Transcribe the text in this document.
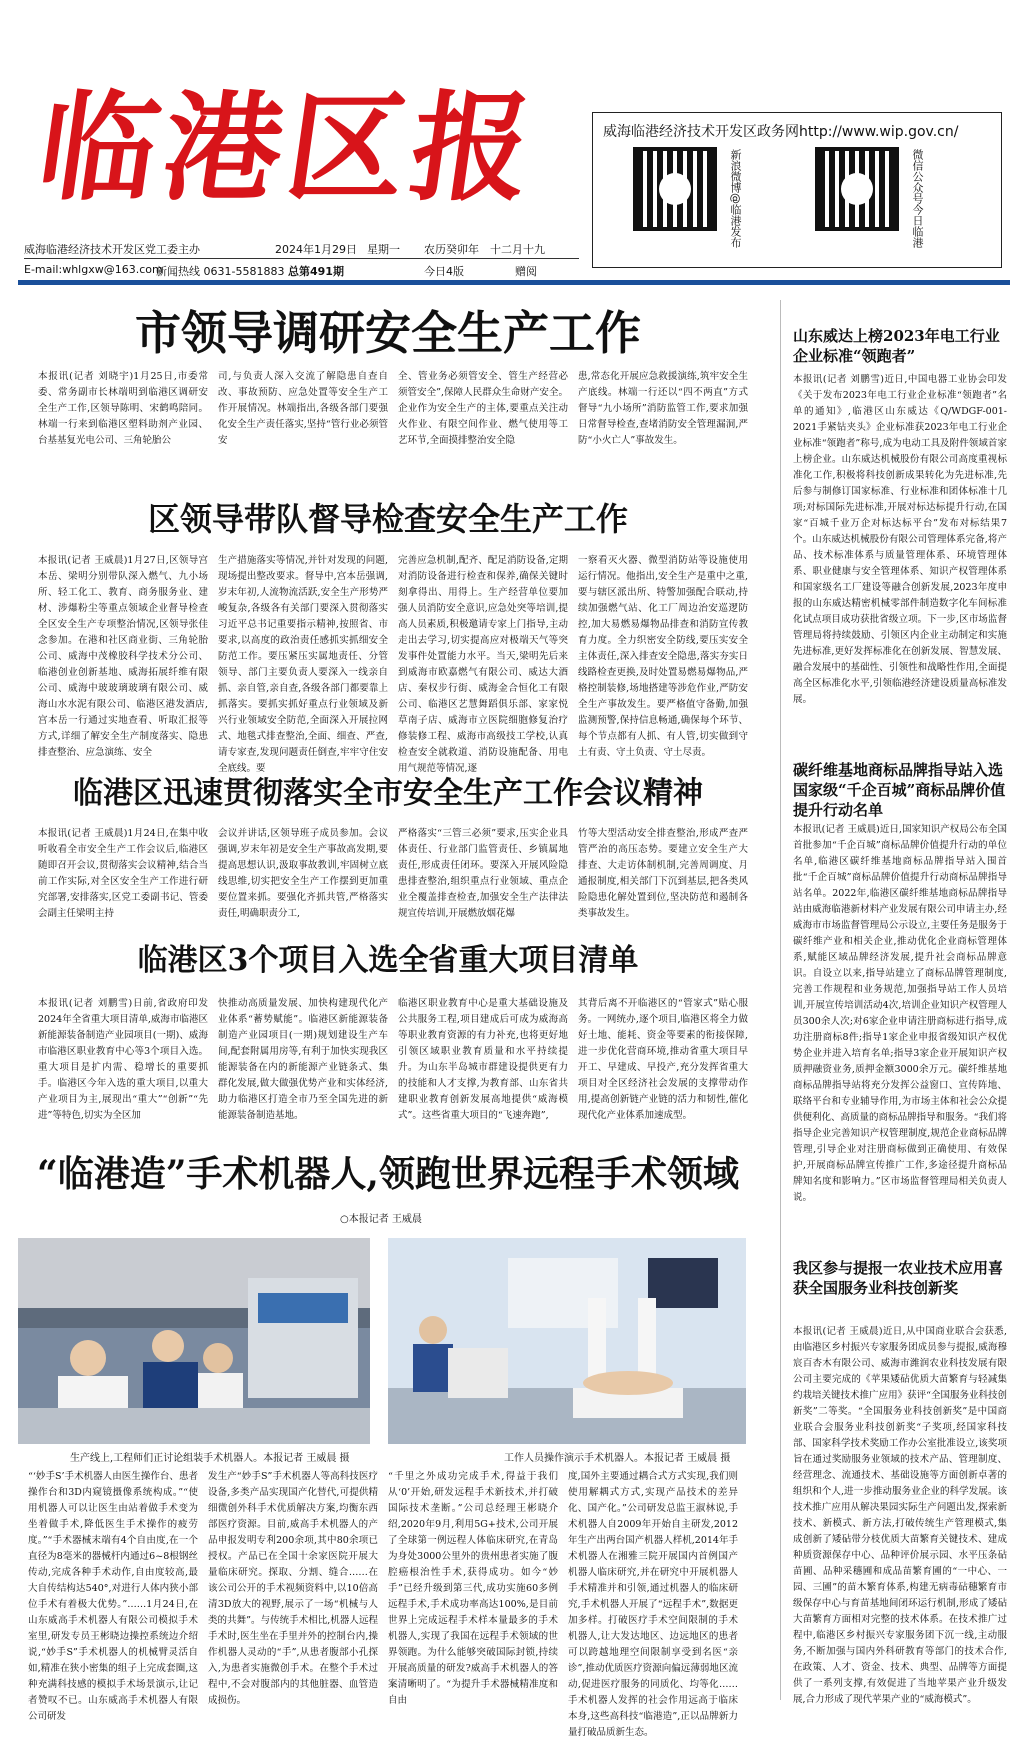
临港区报	威海临港经济技术开发区政务网http://www.wip.gov.cn/
新浪微博@临港发布	微信公众号今日临港
威海临港经济技术开发区党工委主办	2024年1月29日 星期一 农历癸卯年　十二月十九
E-mail:whlgxw@163.com
新闻热线 0631-5581883 总第491期	今日4版	赠阅
市领导调研安全生产工作
本报讯(记者 刘晓宇)1月25日,市委常委、常务副市长林端明到临港区调研安全生产工作,区领导陈明、宋鹤鸣陪同。林端一行来到临港区塑料助剂产业园、台基基复光电公司、三角轮胎公
司,与负责人深入交流了解隐患自查自改、事故预防、应急处置等安全生产工作开展情况。林端指出,各级各部门要强化安全生产责任落实,坚持“管行业必须管安
全、管业务必须管安全、管生产经营必须管安全”,保障人民群众生命财产安全。企业作为安全生产的主体,要重点关注动火作业、有限空间作业、燃气使用等工艺环节,全面摸排整治安全隐
患,常态化开展应急救援演练,筑牢安全生产底线。林端一行还以“四不两直”方式督导“九小场所”消防监管工作,要求加强日常督导检查,查堵消防安全管理漏洞,严防“小火亡人”事故发生。
区领导带队督导检查安全生产工作
本报讯(记者 王威晨)1月27日,区领导宫本岳、梁明分别带队深入燃气、九小场所、轻工化工、教育、商务服务业、建材、涉爆粉尘等重点领域企业督导检查全区安全生产专项整治情况,区领导张佳念参加。在港和社区商业街、三角轮胎公司、威海中茂橡胶科学技术分公司、临港创业创新基地、威海拓展纤维有限公司、威海中玻玻璃玻璃有限公司、威海山水水泥有限公司、临港区港发酒店,宫本岳一行通过实地查看、听取汇报等方式,详细了解安全生产制度落实、隐患排查整治、应急演练、安全
生产措施落实等情况,并针对发现的问题,现场提出整改要求。督导中,宫本岳强调,岁末年初,人流物流活跃,安全生产形势严峻复杂,各级各有关部门要深入贯彻落实习近平总书记重要指示精神,按照省、市要求,以高度的政治责任感抓实抓细安全防范工作。要压紧压实属地责任、分管领导、部门主要负责人要深入一线亲自抓、亲自管,亲自查,各级各部门都要靠上抓落实。要抓实抓好重点行业领域及新兴行业领域安全防范,全面深入开展拉网式、地毯式排查整治,全面、细查、严查,请专家查,发现问题责任倒查,牢牢守住安全底线。要
完善应急机制,配齐、配足消防设备,定期对消防设备进行检查和保养,确保关键时刻拿得出、用得上。生产经营单位要加强人员消防安全意识,应急处突等培训,提高人员素质,积极邀请专家上门指导,主动走出去学习,切实提高应对极端天气等突发事件处置能力水平。当天,梁明先后来到威海市欧嘉燃气有限公司、威达大酒店、秦权步行街、威海金合恒化工有限公司、临港区艺慧舞蹈俱乐部、家家悦草南子店、威海市立医院细胞修复治疗修装修工程、威海市高级技工学校,认真检查安全就救道、消防设施配备、用电用气规范等情况,逐
一察看灭火器、微型消防站等设施使用运行情况。他指出,安全生产是重中之重,要与辖区派出所、特警加强配合联动,持续加强燃气站、化工厂周边治安巡逻防控,加大易燃易爆物品排查和消防宣传教育力度。全力织密安全防线,要压实安全主体责任,深入排查安全隐患,落实夯实日线路检查更换,及时处置易燃易爆物品,严格控制装修,场地搭建等涉危作业,严防安全生产事故发生。要严格值守备勤,加强监测预警,保持信息畅通,确保每个环节、每个节点都有人抓、有人管,切实做到守土有责、守土负责、守土尽责。
临港区迅速贯彻落实全市安全生产工作会议精神
本报讯(记者 王威晨)1月24日,在集中收听收看全市安全生产工作会议后,临港区随即召开会议,贯彻落实会议精神,结合当前工作实际,对全区安全生产工作进行研究部署,安排落实,区党工委副书记、管委会副主任梁明主持
会议并讲话,区领导班子成员参加。会议强调,岁末年初是安全生产事故高发期,要提高思想认识,汲取事故教训,牢固树立底线思维,切实把安全生产工作摆到更加重要位置来抓。要强化齐抓共管,严格落实责任,明确职责分工,
严格落实“三管三必须”要求,压实企业具体责任、行业部门监管责任、乡镇属地责任,形成责任闭环。要深入开展风险隐患排查整治,组织重点行业领域、重点企业全覆盖排查检查,加强安全生产法律法规宣传培训,开展燃放烟花爆
竹等大型活动安全排查整治,形成严查严管严治的高压态势。要建立安全生产大排查、大走访体制机制,完善周调度、月通报制度,相关部门下沉到基层,把各类风险隐患化解处置到位,坚决防范和遏制各类事故发生。
临港区3个项目入选全省重大项目清单
本报讯(记者 刘鹏雪)日前,省政府印发2024年全省重大项目清单,威海市临港区新能源装备制造产业园项目(一期)、威海市临港区职业教育中心等3个项目入选。重大项目是扩内需、稳增长的重要抓手。临港区今年入选的重大项目,以重大产业项目为主,展现出“重大”“创新”“先进”等特色,切实为全区加
快推动高质量发展、加快构建现代化产业体系“蓄势赋能”。临港区新能源装备制造产业园项目(一期)规划建设生产车间,配套附属用房等,有利于加快实现我区能源装备在内的新能源产业链条式、集群化发展,做大做强优势产业和实体经济,助力临港区打造全市乃至全国先进的新能源装备制造基地。
临港区职业教育中心是重大基础设施及公共服务工程,项目建成后可成为威海高等职业教育资源的有力补充,也将更好地引领区域职业教育质量和水平持续提升。为山东半岛城市群建设提供更有力的技能和人才支撑,为教育部、山东省共建职业教育创新发展高地提供“威海模式”。这些省重大项目的“飞速奔跑”,
其背后离不开临港区的“管家式”贴心服务。一网统办,逐个项目,临港区将全力做好土地、能耗、资金等要素的衔接保障,进一步优化营商环境,推动省重大项目早开工、早建成、早投产,充分发挥省重大项目对全区经济社会发展的支撑带动作用,提高创新链产业链的活力和韧性,催化现代化产业体系加速成型。
“临港造”手术机器人,领跑世界远程手术领域
○本报记者 王威晨
生产线上,工程师们正讨论组装手术机器人。本报记者 王威晨 摄	工作人员操作演示手术机器人。本报记者 王威晨 摄
“‘妙手S’手术机器人由医生操作台、患者操作台和3D内窥镜摄像系统构成。”“使用机器人可以让医生由站着做手术变为坐着做手术,降低医生手术操作的疲劳度。”“手术器械末端有4个自由度,在一个直径为8毫米的器械杆内通过6~8根钢丝传动,完成各种手术动作,自由度较高,最大自传结构达540°,对进行人体内狭小部位手术有着极大优势。”……1月24日,在山东威高手术机器人有限公司模拟手术室里,研发专员王彬晓边操控系统边介绍说,“妙手S”手术机器人的机械臂灵活自如,精准在狭小密集的组子上完成套圈,这种充满科技感的模拟手术场景演示,让记者赞叹不已。山东威高手术机器人有限公司研发
发生产“妙手S”手术机器人等高科技医疗设备,多类产品实现国产化替代,可提供精细微创外科手术优质解决方案,均衡东西部医疗资源。目前,威高手术机器人的产品申报发明专利200余项,其中80余项已授权。产品已在全国十余家医院开展大量临床研究。探取、分割、缝合……在该公司公开的手术视频资料中,以10倍高清3D放大的视野,展示了一场“机械与人类的共舞”。与传统手术相比,机器人远程手术时,医生坐在手里并外的控制台内,操作机器人灵动的“手”,从患者腹部小孔探入,为患者实施微创手术。在整个手术过程中,不会对腹部内的其他脏器、血管造成损伤。
“千里之外成功完成手术,得益于我们从‘0’开始,研发远程手术新技术,并打破国际技术垄断。”公司总经理王彬晓介绍,2020年9月,利用5G+技术,公司开展了全球第一例远程人体临床研究,在青岛为身处3000公里外的贵州患者实施了腹腔癌根治性手术,获得成功。如今“妙手”已经升级到第三代,成功实施60多例远程手术,手术成功率高达100%,是目前世界上完成远程手术样本量最多的手术机器人,实现了我国在远程手术领域的世界领跑。为什么能够突破国际封锁,持续开展高质量的研发?威高手术机器人的答案清晰明了。“为提升手术器械精准度和自由
度,国外主要通过耦合式方式实现,我们则使用解耦式方式,实现产品技术的差异化、国产化。”公司研发总监王淑林说,手术机器人自2009年开始自主研发,2012年生产出两台国产机器人样机,2014年手术机器人在湘雅三院开展国内首例国产机器人临床研究,并在研究中开展机器人手术精准并和引领,通过机器人的临床研究,手术机器人开展了“远程手术”,数据更加多样。打破医疗手术空间限制的手术机器人,让大发达地区、边远地区的患者可以跨越地理空间限制享受到名医“亲诊”,推动优质医疗资源向偏远薄弱地区流动,促进医疗服务的同质化、均等化……手术机器人发挥的社会作用远高于临床本身,这些高科技“临港造”,正以品牌新力量打破品质新生态。
山东威达上榜2023年电工行业企业标准“领跑者”
本报讯(记者 刘鹏雪)近日,中国电器工业协会印发《关于发布2023年电工行业企业标准“领跑者”名单的通知》,临港区山东威达《Q/WDGF-001-2021手紧钻夹头》企业标准获2023年电工行业企业标准“领跑者”称号,成为电动工具及附件领域首家上榜企业。山东威达机械股份有限公司高度重视标准化工作,积极将科技创新成果转化为先进标准,先后参与制修订国家标准、行业标准和团体标准十几项;对标国际先进标准,开展对标达标提升行动,在国家“百城千业万企对标达标平台”发布对标结果7个。山东威达机械股份有限公司管理体系完备,将产品、技术标准体系与质量管理体系、环境管理体系、职业健康与安全管理体系、知识产权管理体系和国家级名工厂建设等融合创新发展,2023年度申报的山东威达精密机械零部件制造数字化车间标准化试点项目成功获批省级立项。下一步,区市场监督管理局将持续鼓励、引领区内企业主动制定和实施先进标准,更好发挥标准化在创新发展、智慧发展、融合发展中的基础性、引领性和战略性作用,全面提高全区标准化水平,引领临港经济建设质量高标准发展。
碳纤维基地商标品牌指导站入选国家级“千企百城”商标品牌价值提升行动名单
本报讯(记者 王威晨)近日,国家知识产权局公布全国首批参加“千企百城”商标品牌价值提升行动的单位名单,临港区碳纤维基地商标品牌指导站入围首批“千企百城”商标品牌价值提升行动商标品牌指导站名单。2022年,临港区碳纤维基地商标品牌指导站由威海临港新材料产业发展有限公司申请主办,经威海市市场监督管理局公示设立,主要任务是服务于碳纤维产业和相关企业,推动优化企业商标管理体系,赋能区域品牌经济发展,提升社会商标品牌意识。自设立以来,指导站建立了商标品牌管理制度,完善工作规程和业务规范,加强指导站工作人员培训,开展宣传培训活动4次,培训企业知识产权管理人员300余人次;对6家企业申请注册商标进行指导,成功注册商标8件;指导1家企业申报省级知识产权优势企业并进入培育名单;指导3家企业开展知识产权质押融资业务,质押金额3000余万元。碳纤维基地商标品牌指导站将充分发挥公益窗口、宣传阵地、联络平台和专业辅导作用,为市场主体和社会公众提供便利化、高质量的商标品牌指导和服务。“我们将指导企业完善知识产权管理制度,规范企业商标品牌管理,引导企业对注册商标做到正确使用、有效保护,开展商标品牌宣传推广工作,多途径提升商标品牌知名度和影响力。”区市场监督管理局相关负责人说。
我区参与提报一农业技术应用喜获全国服务业科技创新奖
本报讯(记者 王威晨)近日,从中国商业联合会获悉,由临港区乡村振兴专家服务团成员参与提报,威海穆宸百杏木有限公司、威海市潍润农业科技发展有限公司主要完成的《苹果矮砧优质大苗繁育与轻减集约栽培关键技术推广应用》获评“全国服务业科技创新奖”二等奖。“全国服务业科技创新奖”是中国商业联合会服务业科技创新奖“子奖项,经国家科技部、国家科学技术奖励工作办公室批准设立,该奖项旨在通过奖励服务业领域的技术产品、管理制度、经营理念、流通技术、基础设施等方面创新卓著的组织和个人,进一步推动服务业企业的科学发展。该技术推广应用从解决果园实际生产问题出发,探索新技术、新模式、新方法,打破传统生产管理模式,集成创新了矮砧带分枝优质大苗繁育关键技术、建成种质资源保存中心、品种评价展示园、水平压条砧苗圃、品种采穗圃和成品苗繁育圃的“一中心、一园、三圃”的苗木繁育体系,构建无病毒砧穗繁育市级保存中心与育苗基地间闭环运行机制,形成了矮砧大苗繁育方面相对完整的技术体系。在技术推广过程中,临港区乡村振兴专家服务团下沉一线,主动服务,不断加强与国内外科研教育等部门的技术合作,在政策、人才、资金、技术、典型、品牌等方面提供了一系列支撑,有效促进了当地苹果产业升级发展,合力形成了现代苹果产业的“威海模式”。
